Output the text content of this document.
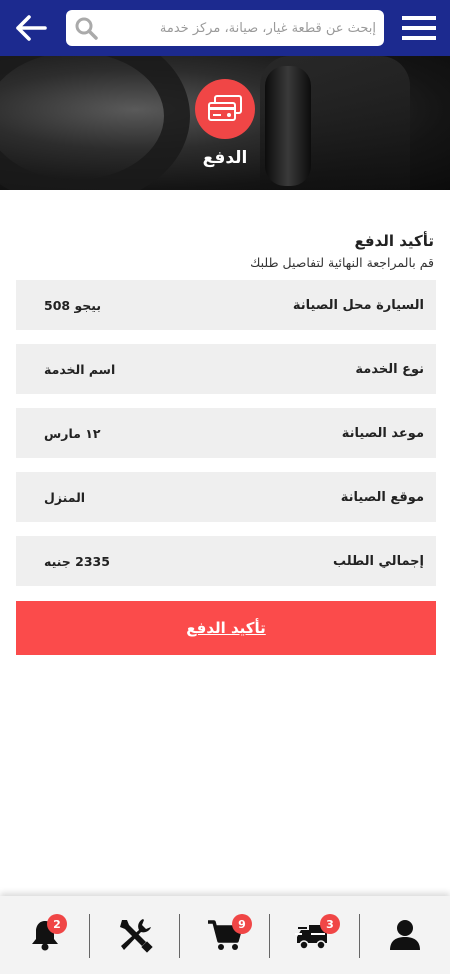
إبحث عن قطعة غيار، صيانة، مركز خدمة
الدفع
تأكيد الدفع
قم بالمراجعة النهائية لتفاصيل طلبك
السيارة محل الصيانة
بيجو 508
نوع الخدمة
اسم الخدمة
موعد الصيانة
١٢ مارس
موقع الصيانة
المنزل
إجمالي الطلب
2335 جنيه
تأكيد الدفع
2	9	3
